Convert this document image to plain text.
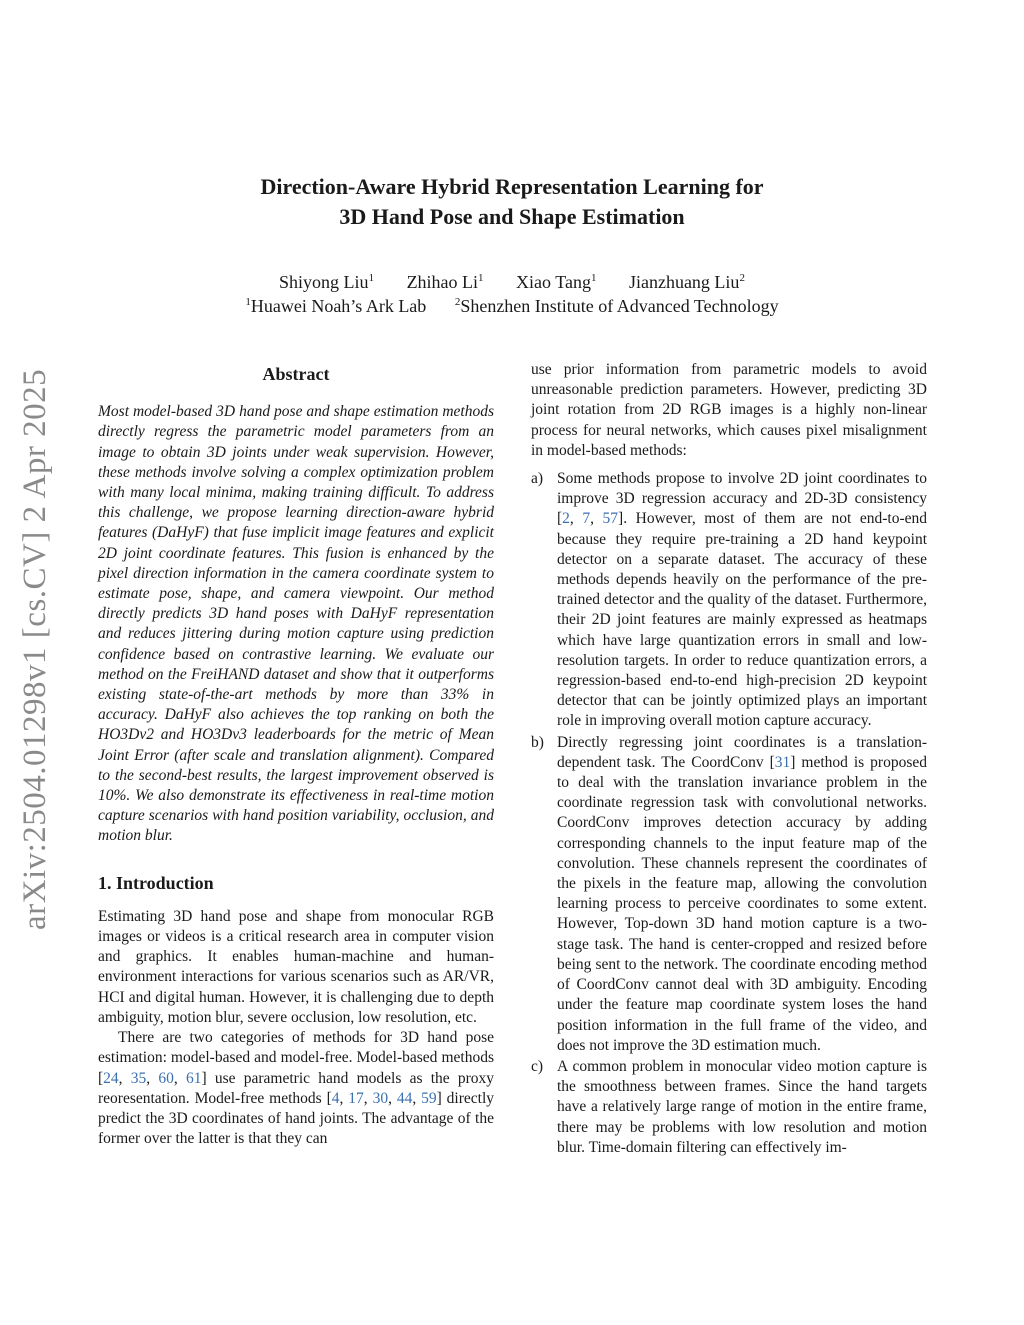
arXiv:2504.01298v1 [cs.CV] 2 Apr 2025
Direction-Aware Hybrid Representation Learning for
3D Hand Pose and Shape Estimation
Shiyong Liu$^1$ Zhihao Li$^1$ Xiao Tang$^1$ Jianzhuang Liu$^2$
$^1$Huawei Noah’s Ark Lab	$^2$Shenzhen Institute of Advanced Technology
Abstract

Most model-based 3D hand pose and shape estimation methods directly regress the parametric model parameters from an image to obtain 3D joints under weak supervision. However, these methods involve solving a complex optimization problem with many local minima, making training difficult. To address this challenge, we propose learning direction-aware hybrid features (DaHyF) that fuse implicit image features and explicit 2D joint coordinate features. This fusion is enhanced by the pixel direction information in the camera coordinate system to estimate pose, shape, and camera viewpoint. Our method directly predicts 3D hand poses with DaHyF representation and reduces jittering during motion capture using prediction confidence based on contrastive learning. We evaluate our method on the FreiHAND dataset and show that it outperforms existing state-of-the-art methods by more than 33% in accuracy. DaHyF also achieves the top ranking on both the HO3Dv2 and HO3Dv3 leaderboards for the metric of Mean Joint Error (after scale and translation alignment). Compared to the second-best results, the largest improvement observed is 10%. We also demonstrate its effectiveness in real-time motion capture scenarios with hand position variability, occlusion, and motion blur.

1. Introduction

Estimating 3D hand pose and shape from monocular RGB images or videos is a critical research area in computer vision and graphics. It enables human-machine and human-environment interactions for various scenarios such as AR/VR, HCI and digital human. However, it is challenging due to depth ambiguity, motion blur, severe occlusion, low resolution, etc.

There are two categories of methods for 3D hand pose estimation: model-based and model-free. Model-based methods [24, 35, 60, 61] use parametric hand models as the proxy reoresentation. Model-free methods [4, 17, 30, 44, 59] directly predict the 3D coordinates of hand joints. The advantage of the former over the latter is that they can

use prior information from parametric models to avoid unreasonable prediction parameters. However, predicting 3D joint rotation from 2D RGB images is a highly non-linear process for neural networks, which causes pixel misalignment in model-based methods:

a) Some methods propose to involve 2D joint coordinates to improve 3D regression accuracy and 2D-3D consistency [2, 7, 57]. However, most of them are not end-to-end because they require pre-training a 2D hand keypoint detector on a separate dataset. The accuracy of these methods depends heavily on the performance of the pre-trained detector and the quality of the dataset. Furthermore, their 2D joint features are mainly expressed as heatmaps which have large quantization errors in small and low-resolution targets. In order to reduce quantization errors, a regression-based end-to-end high-precision 2D keypoint detector that can be jointly optimized plays an important role in improving overall motion capture accuracy.
b) Directly regressing joint coordinates is a translation-dependent task. The CoordConv [31] method is proposed to deal with the translation invariance problem in the coordinate regression task with convolutional networks. CoordConv improves detection accuracy by adding corresponding channels to the input feature map of the convolution. These channels represent the coordinates of the pixels in the feature map, allowing the convolution learning process to perceive coordinates to some extent. However, Top-down 3D hand motion capture is a two-stage task. The hand is center-cropped and resized before being sent to the network. The coordinate encoding method of CoordConv cannot deal with 3D ambiguity. Encoding under the feature map coordinate system loses the hand position information in the full frame of the video, and does not improve the 3D estimation much.
c) A common problem in monocular video motion capture is the smoothness between frames. Since the hand targets have a relatively large range of motion in the entire frame, there may be problems with low resolution and motion blur. Time-domain filtering can effectively im-
